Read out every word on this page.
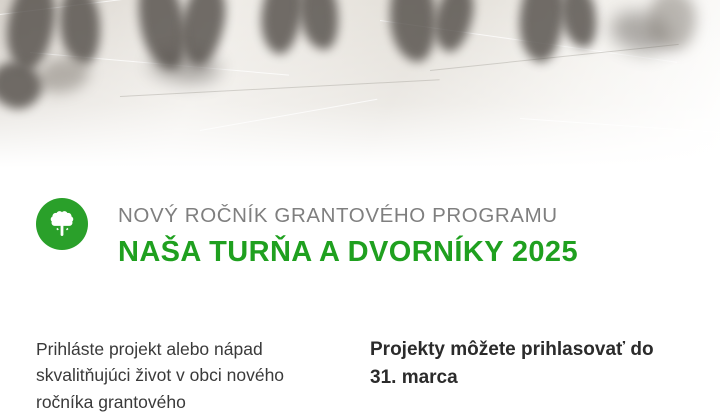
NOVÝ ROČNÍK GRANTOVÉHO PROGRAMU
NAŠA TURŇA A DVORNÍKY 2025

Prihláste projekt alebo nápad skvalitňujúci život v obci nového ročníka grantového

Projekty môžete prihlasovať do 31. marca
